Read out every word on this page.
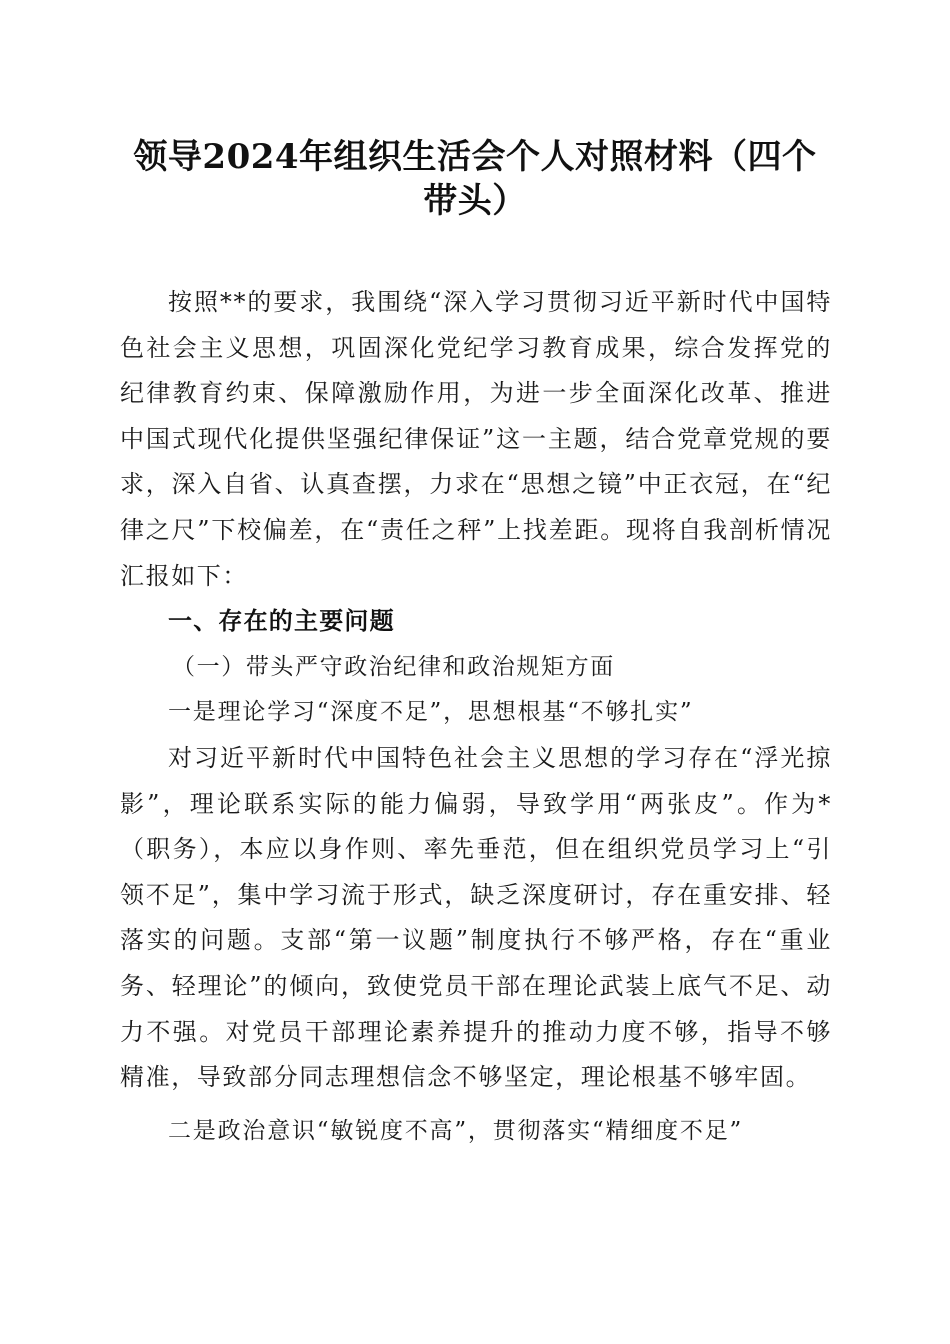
领导2024年组织生活会个人对照材料（四个带头）

按照**的要求，我围绕“深入学习贯彻习近平新时代中国特色社会主义思想，巩固深化党纪学习教育成果，综合发挥党的纪律教育约束、保障激励作用，为进一步全面深化改革、推进中国式现代化提供坚强纪律保证”这一主题，结合党章党规的要求，深入自省、认真查摆，力求在“思想之镜”中正衣冠，在“纪律之尺”下校偏差，在“责任之秤”上找差距。现将自我剖析情况汇报如下：

一、存在的主要问题

（一）带头严守政治纪律和政治规矩方面

一是理论学习“深度不足”，思想根基“不够扎实”

对习近平新时代中国特色社会主义思想的学习存在“浮光掠影”，理论联系实际的能力偏弱，导致学用“两张皮”。作为*（职务），本应以身作则、率先垂范，但在组织党员学习上“引领不足”，集中学习流于形式，缺乏深度研讨，存在重安排、轻落实的问题。支部“第一议题”制度执行不够严格，存在“重业务、轻理论”的倾向，致使党员干部在理论武装上底气不足、动力不强。对党员干部理论素养提升的推动力度不够，指导不够精准，导致部分同志理想信念不够坚定，理论根基不够牢固。

二是政治意识“敏锐度不高”，贯彻落实“精细度不足”
